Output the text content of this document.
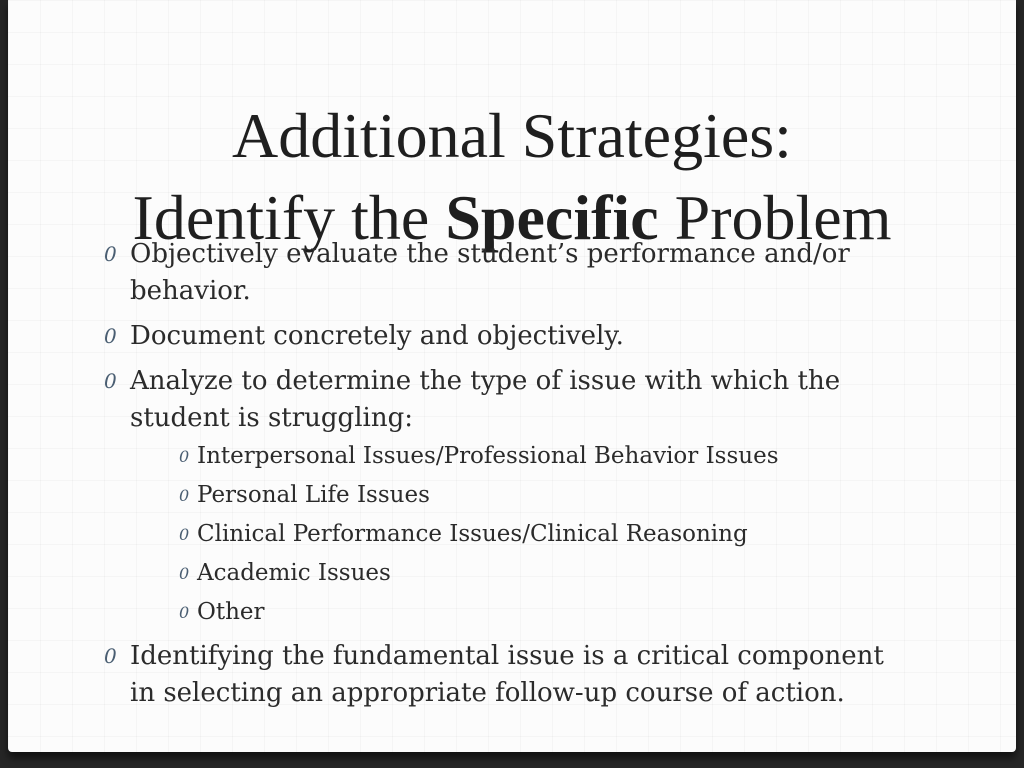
Additional Strategies:
Identify the Specific Problem
0 Objectively evaluate the student’s performance and/or behavior.
0 Document concretely and objectively.
0 Analyze to determine the type of issue with which the student is struggling:
0 Interpersonal Issues/Professional Behavior Issues
0 Personal Life Issues
0 Clinical Performance Issues/Clinical Reasoning
0 Academic Issues
0 Other
0 Identifying the fundamental issue is a critical component in selecting an appropriate follow-up course of action.
